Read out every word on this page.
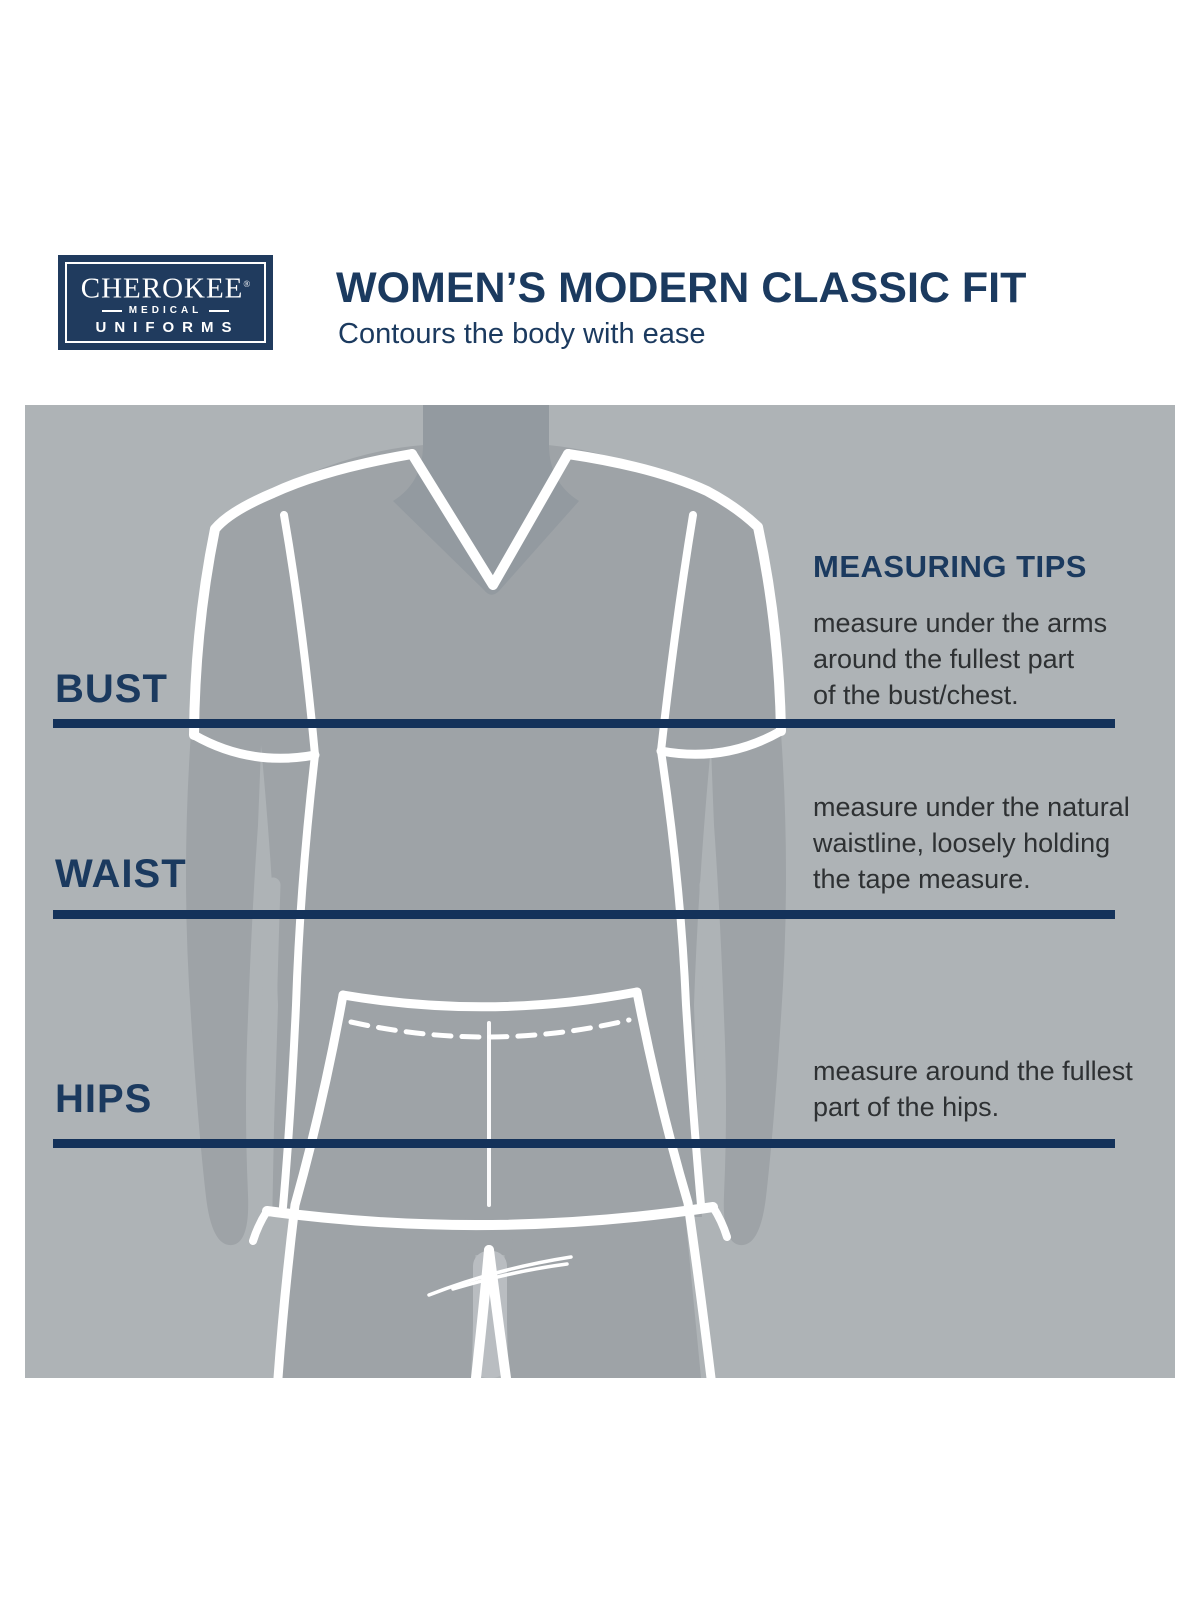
CHEROKEE®
MEDICAL
UNIFORMS
WOMEN’S MODERN CLASSIC FIT

Contours the body with ease

BUST
WAIST
HIPS
MEASURING TIPS
measure under the arms
around the fullest part
of the bust/chest.
measure under the natural
waistline, loosely holding
the tape measure.
measure around the fullest
part of the hips.
